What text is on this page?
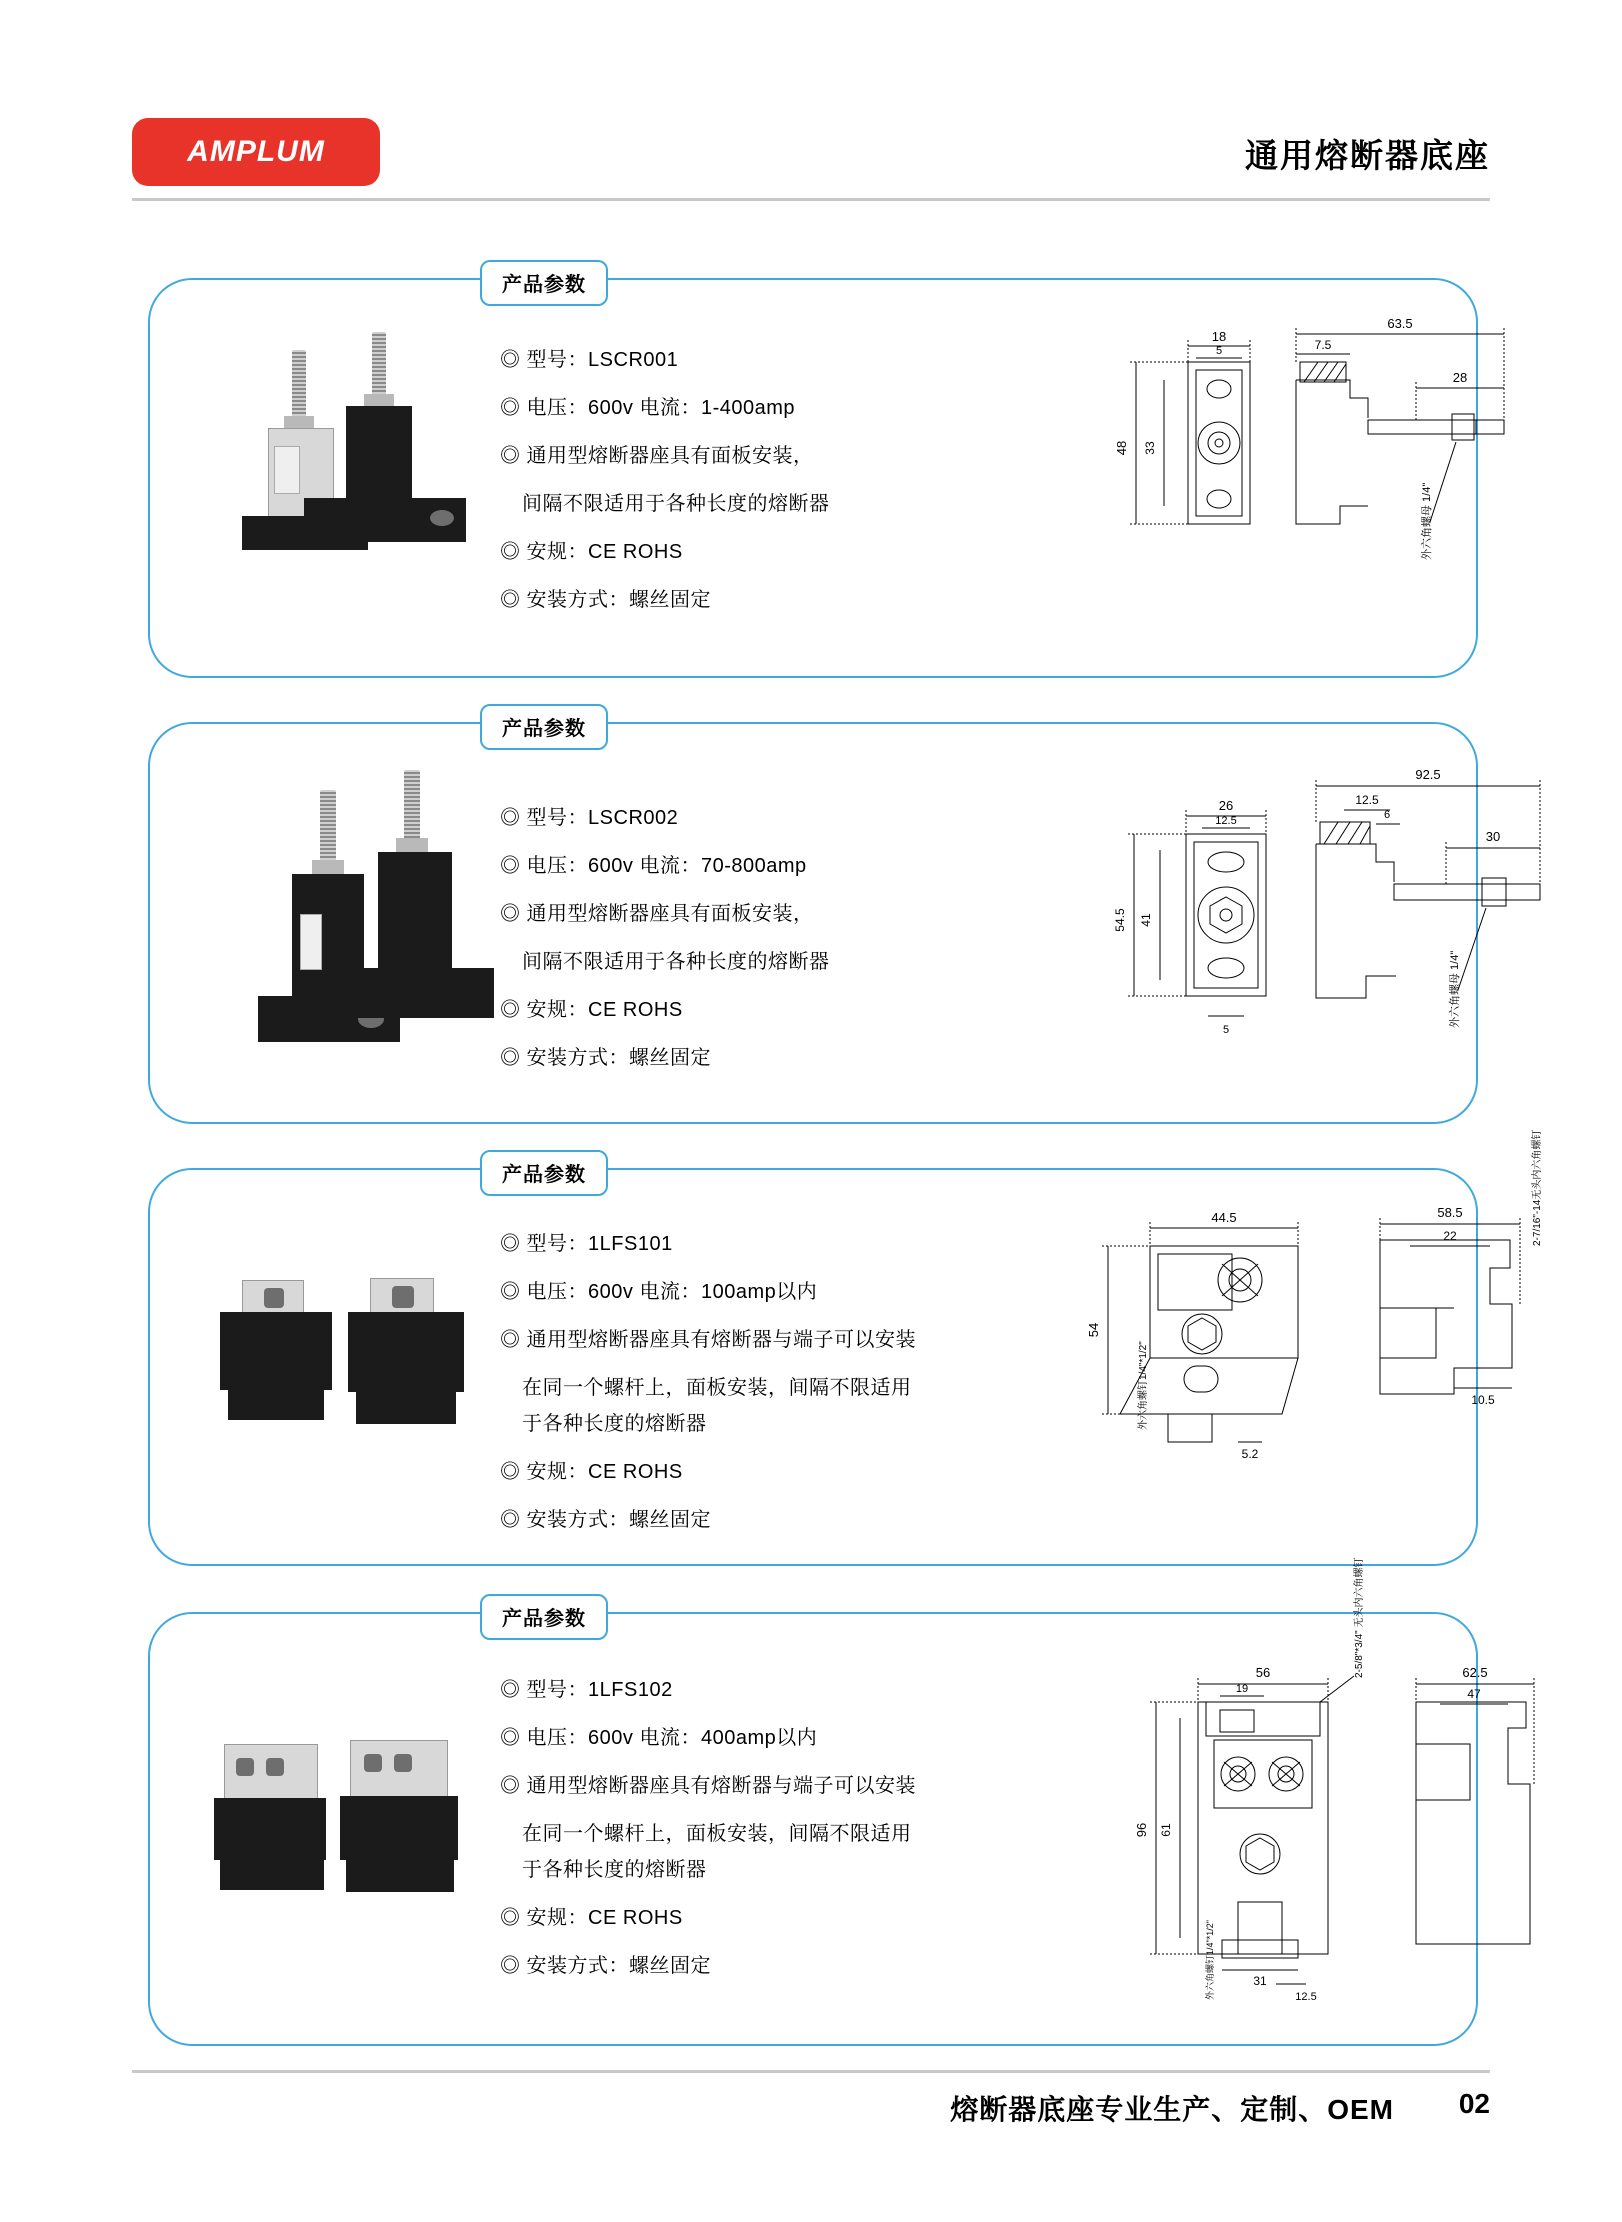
AMPLUM	通用熔断器底座
产品参数
◎ 型号：LSCR001
◎ 电压：600v 电流：1-400amp
◎ 通用型熔断器座具有面板安装，
间隔不限适用于各种长度的熔断器
◎ 安规：CE ROHS
◎ 安装方式：螺丝固定
18
5
48 33
63.5
7.5
28
外六角螺母 1/4"
产品参数
◎ 型号：LSCR002
◎ 电压：600v 电流：70-800amp
◎ 通用型熔断器座具有面板安装，
间隔不限适用于各种长度的熔断器
◎ 安规：CE ROHS
◎ 安装方式：螺丝固定
26
12.5
54.5 41
5
92.5
12.5
6
30
外六角螺母 1/4"
产品参数
◎ 型号：1LFS101
◎ 电压：600v 电流：100amp以内
◎ 通用型熔断器座具有熔断器与端子可以安装
在同一个螺杆上，面板安装，间隔不限适用
于各种长度的熔断器
◎ 安规：CE ROHS
◎ 安装方式：螺丝固定
44.5
54
5.2
58.5
22
10.5
外六角螺钉1/4"*1/2"
2-7/16"-14无头内六角螺钉
产品参数
◎ 型号：1LFS102
◎ 电压：600v 电流：400amp以内
◎ 通用型熔断器座具有熔断器与端子可以安装
在同一个螺杆上，面板安装，间隔不限适用
于各种长度的熔断器
◎ 安规：CE ROHS
◎ 安装方式：螺丝固定
56
19
96 61
31
12.5
62.5
47
外六角螺钉1/4"*1/2"
2-5/8"*3/4" 无头内六角螺钉
熔断器底座专业生产、定制、OEM 02
